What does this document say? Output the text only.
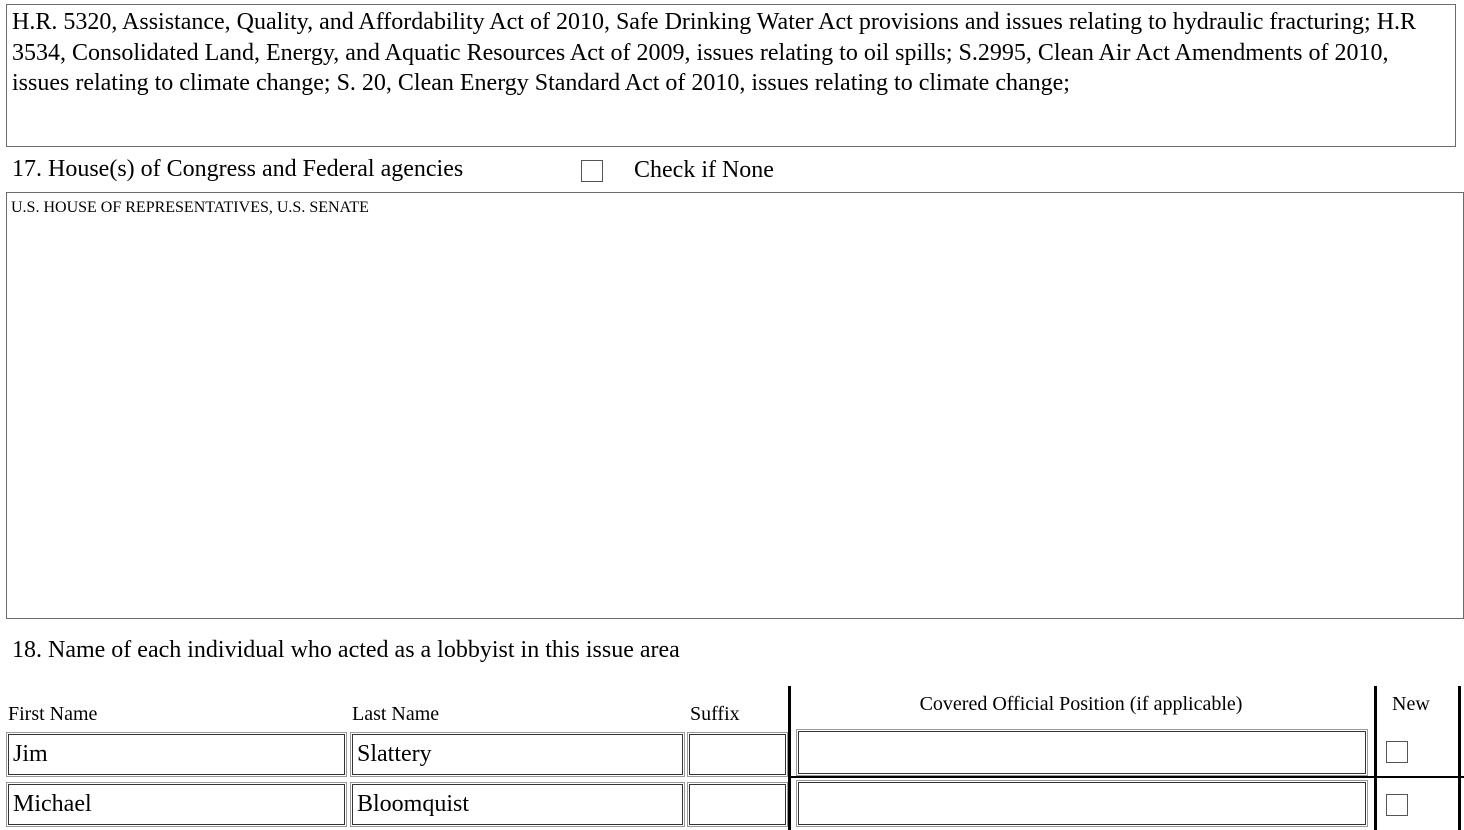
H.R. 5320, Assistance, Quality, and Affordability Act of 2010, Safe Drinking Water Act provisions and issues relating to hydraulic fracturing; H.R 3534, Consolidated Land, Energy, and Aquatic Resources Act of 2009, issues relating to oil spills; S.2995, Clean Air Act Amendments of 2010, issues relating to climate change; S. 20, Clean Energy Standard Act of 2010, issues relating to climate change;
17. House(s) of Congress and Federal agencies	Check if None
U.S. HOUSE OF REPRESENTATIVES, U.S. SENATE
18. Name of each individual who acted as a lobbyist in this issue area
First Name	Last Name	Suffix	Covered Official Position (if applicable)	New
Jim	Slattery
Michael	Bloomquist
